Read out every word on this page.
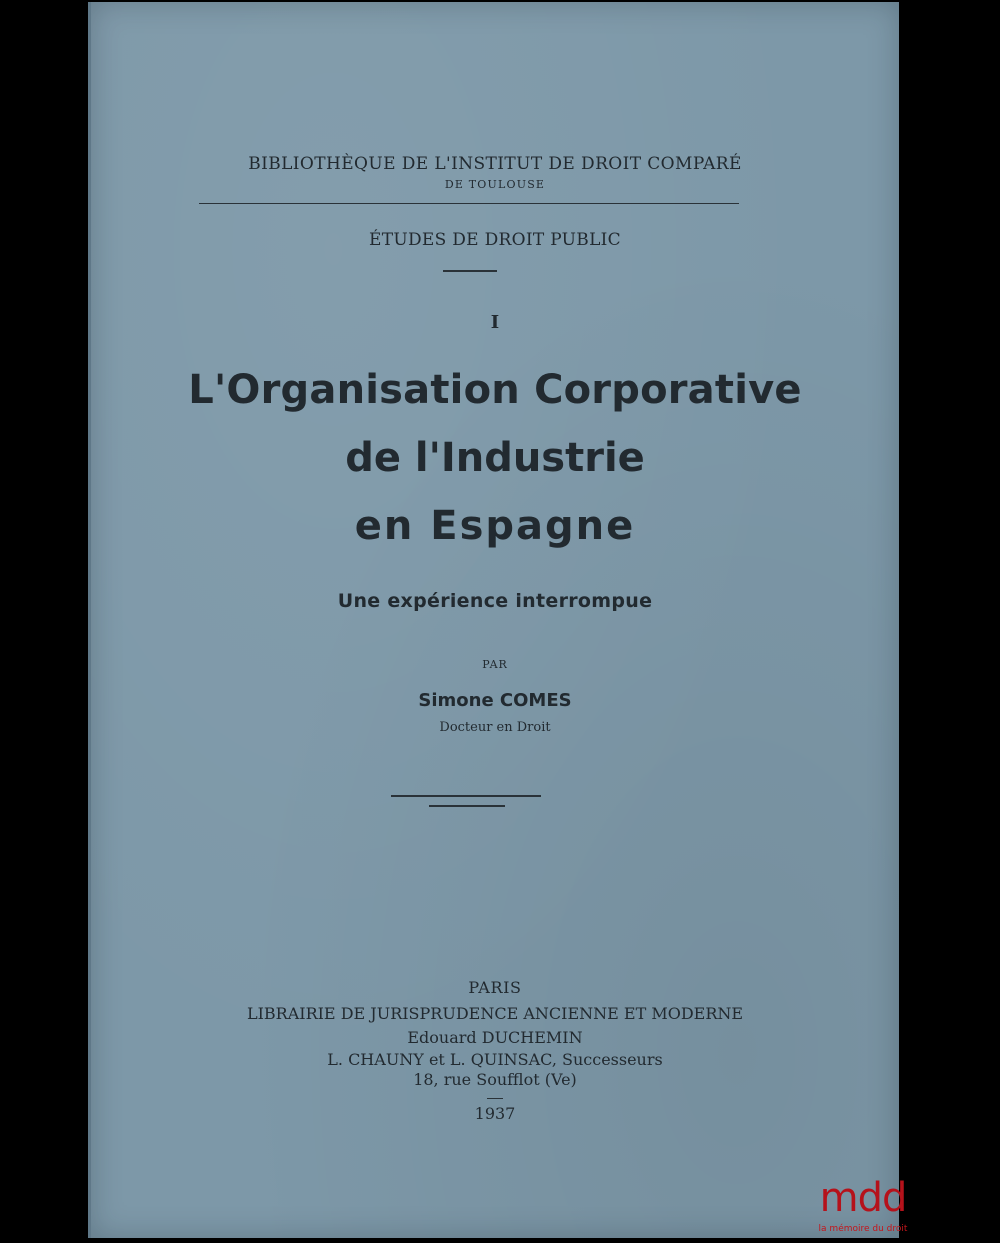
BIBLIOTHÈQUE DE L'INSTITUT DE DROIT COMPARÉ
DE TOULOUSE
ÉTUDES DE DROIT PUBLIC
I
L'Organisation Corporative
de l'Industrie
en Espagne
Une expérience interrompue
PAR
Simone COMES
Docteur en Droit
PARIS
LIBRAIRIE DE JURISPRUDENCE ANCIENNE ET MODERNE
Edouard DUCHEMIN
L. CHAUNY et L. QUINSAC, Successeurs
18, rue Soufflot (Ve)
1937
mdd
la mémoire du droit
